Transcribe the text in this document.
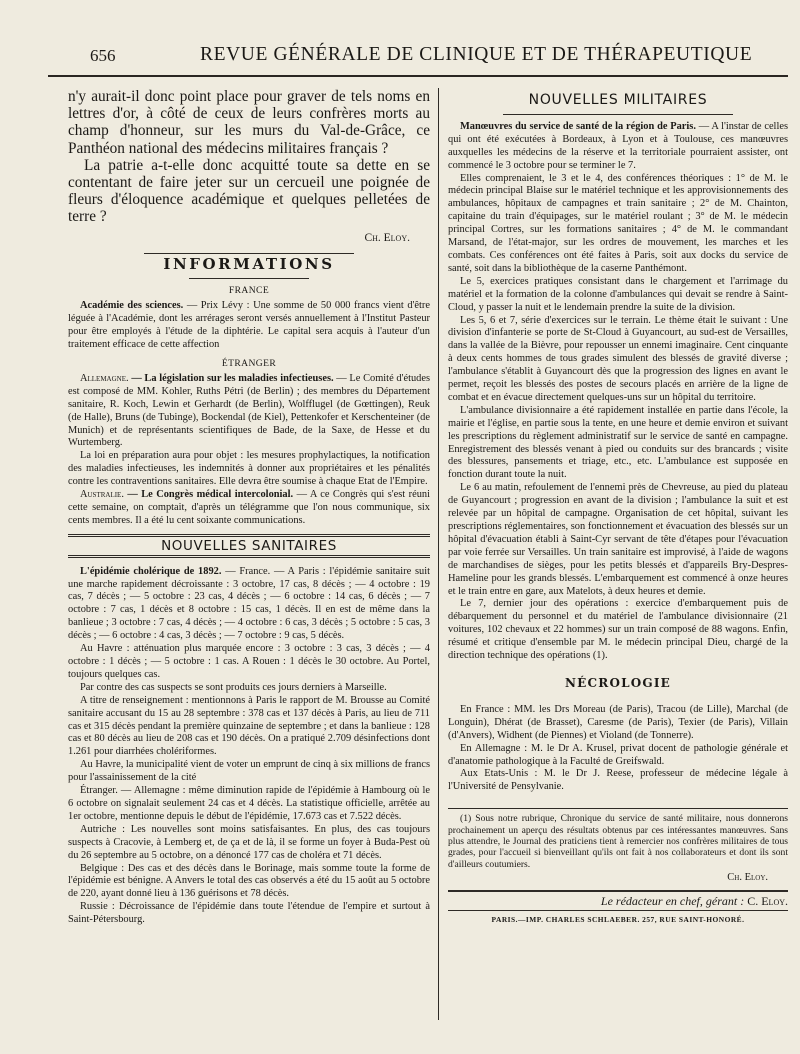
656	REVUE GÉNÉRALE DE CLINIQUE ET DE THÉRAPEUTIQUE

n'y aurait-il donc point place pour graver de tels noms en lettres d'or, à côté de ceux de leurs confrères morts au champ d'honneur, sur les murs du Val-de-Grâce, ce Panthéon national des médecins militaires français ?

La patrie a-t-elle donc acquitté toute sa dette en se contentant de faire jeter sur un cercueil une poignée de fleurs d'éloquence académique et quelques pelletées de terre ?

Ch. Eloy.
INFORMATIONS
FRANCE

Académie des sciences. — Prix Lévy : Une somme de 50 000 francs vient d'être léguée à l'Académie, dont les arrérages seront versés annuellement à l'Institut Pasteur pour être employés à l'étude de la diphtérie. Le capital sera acquis à l'auteur d'un traitement efficace de cette affection

ÉTRANGER

Allemagne. — La législation sur les maladies infectieuses. — Le Comité d'études est composé de MM. Kohler, Ruths Pétri (de Berlin) ; des membres du Département sanitaire, R. Koch, Lewin et Gerhardt (de Berlin), Wolfflugel (de Gœttingen), Reuk (de Halle), Bruns (de Tubinge), Bockendal (de Kiel), Pettenkofer et Kerschenteiner (de Munich) et de représentants scientifiques de Bade, de la Saxe, de Hesse et du Wurtemberg.

La loi en préparation aura pour objet : les mesures prophylactiques, la notification des maladies infectieuses, les indemnités à donner aux propriétaires et les pénalités contre les contraventions sanitaires. Elle devra être soumise à chaque Etat de l'Empire.

Australie. — Le Congrès médical intercolonial. — A ce Congrès qui s'est réuni cette semaine, on comptait, d'après un télégramme que l'on nous communique, six cents membres. Il a été lu cent soixante communications.

NOUVELLES SANITAIRES

L'épidémie cholérique de 1892. — France. — A Paris : l'épidémie sanitaire suit une marche rapidement décroissante : 3 octobre, 17 cas, 8 décès ; — 4 octobre : 19 cas, 7 décès ; — 5 octobre : 23 cas, 4 décès ; — 6 octobre : 14 cas, 6 décès ; — 7 octobre : 7 cas, 1 décès et 8 octobre : 15 cas, 1 décès. Il en est de même dans la banlieue ; 3 octobre : 7 cas, 4 décès ; — 4 octobre : 6 cas, 3 décès ; 5 octobre : 5 cas, 3 décès ; — 6 octobre : 4 cas, 3 décès ; — 7 octobre : 9 cas, 5 décès.

Au Havre : atténuation plus marquée encore : 3 octobre : 3 cas, 3 décès ; — 4 octobre : 1 décès ; — 5 octobre : 1 cas. A Rouen : 1 décès le 30 octobre. Au Portel, toujours quelques cas.

Par contre des cas suspects se sont produits ces jours derniers à Marseille.

A titre de renseignement : mentionnons à Paris le rapport de M. Brousse au Comité sanitaire accusant du 15 au 28 septembre : 378 cas et 137 décès à Paris, au lieu de 711 cas et 315 décès pendant la première quinzaine de septembre ; et dans la banlieue : 128 cas et 80 décès au lieu de 208 cas et 190 décès. On a pratiqué 2.709 désinfections dont 1.261 pour diarrhées cholériformes.

Au Havre, la municipalité vient de voter un emprunt de cinq à six millions de francs pour l'assainissement de la cité

Étranger. — Allemagne : même diminution rapide de l'épidémie à Hambourg où le 6 octobre on signalait seulement 24 cas et 4 décès. La statistique officielle, arrêtée au 1er octobre, mentionne depuis le début de l'épidémie, 17.673 cas et 7.522 décès.

Autriche : Les nouvelles sont moins satisfaisantes. En plus, des cas toujours suspects à Cracovie, à Lemberg et, de ça et de là, il se forme un foyer à Buda-Pest où du 26 septembre au 5 octobre, on a dénoncé 177 cas de choléra et 71 décès.

Belgique : Des cas et des décès dans le Borinage, mais somme toute la forme de l'épidémie est bénigne. A Anvers le total des cas observés a été du 15 août au 5 octobre de 220, ayant donné lieu à 136 guérisons et 78 décès.

Russie : Décroissance de l'épidémie dans toute l'étendue de l'empire et surtout à Saint-Pétersbourg.

NOUVELLES MILITAIRES

Manœuvres du service de santé de la région de Paris. — A l'instar de celles qui ont été exécutées à Bordeaux, à Lyon et à Toulouse, ces manœuvres auxquelles les médecins de la réserve et la territoriale pourraient assister, ont commencé le 3 octobre pour se terminer le 7.

Elles comprenaient, le 3 et le 4, des conférences théoriques : 1° de M. le médecin principal Blaise sur le matériel technique et les approvisionnements des ambulances, hôpitaux de campagnes et train sanitaire ; 2° de M. Chainton, capitaine du train d'équipages, sur le matériel roulant ; 3° de M. le médecin principal Cortres, sur les formations sanitaires ; 4° de M. le commandant Marsand, de l'état-major, sur les ordres de mouvement, les marches et les combats. Ces conférences ont été faites à Paris, soit aux docks du service de santé, soit dans la bibliothèque de la caserne Panthémont.

Le 5, exercices pratiques consistant dans le chargement et l'arrimage du matériel et la formation de la colonne d'ambulances qui devait se rendre à Saint-Cloud, y passer la nuit et le lendemain prendre la suite de la division.

Les 5, 6 et 7, série d'exercices sur le terrain. Le thème était le suivant : Une division d'infanterie se porte de St-Cloud à Guyancourt, au sud-est de Versailles, dans la vallée de la Bièvre, pour repousser un ennemi imaginaire. Cent cinquante à deux cents hommes de tous grades simulent des blessés de gravité diverse ; l'ambulance s'établit à Guyancourt dès que la progression des lignes en avant le permet, reçoit les blessés des postes de secours placés en arrière de la ligne de combat et en évacue directement quelques-uns sur un hôpital du territoire.

L'ambulance divisionnaire a été rapidement installée en partie dans l'école, la mairie et l'église, en partie sous la tente, en une heure et demie environ et suivant les prescriptions du règlement administratif sur le service de santé en campagne. Enregistrement des blessés venant à pied ou conduits sur des brancards ; visite des blessures, pansements et triage, etc., etc. L'ambulance est supposée en fonction durant toute la nuit.

Le 6 au matin, refoulement de l'ennemi près de Chevreuse, au pied du plateau de Guyancourt ; progression en avant de la division ; l'ambulance la suit et est relevée par un hôpital de campagne. Organisation de cet hôpital, suivant les prescriptions réglementaires, son fonctionnement et évacuation des blessés sur un hôpital d'évacuation établi à Saint-Cyr servant de tête d'étapes pour l'évacuation par voie ferrée sur Versailles. Un train sanitaire est improvisé, à l'aide de wagons de marchandises de sièges, pour les petits blessés et d'appareils Bry-Despres-Hameline pour les grands blessés. L'embarquement est commencé à onze heures et le train entre en gare, aux Matelots, à deux heures et demie.

Le 7, dernier jour des opérations : exercice d'embarquement puis de débarquement du personnel et du matériel de l'ambulance divisionnaire (21 voitures, 102 chevaux et 22 hommes) sur un train composé de 88 wagons. Enfin, résumé et critique d'ensemble par M. le médecin principal Dieu, chargé de la direction technique des opérations (1).

NÉCROLOGIE

En France : MM. les Drs Moreau (de Paris), Tracou (de Lille), Marchal (de Longuin), Dhérat (de Brasset), Caresme (de Paris), Texier (de Paris), Villain (d'Anvers), Widhent (de Piennes) et Violand (de Tonnerre).

En Allemagne : M. le Dr A. Krusel, privat docent de pathologie générale et d'anatomie pathologique à la Faculté de Greifswald.

Aux Etats-Unis : M. le Dr J. Reese, professeur de médecine légale à l'Université de Pensylvanie.

(1) Sous notre rubrique, Chronique du service de santé militaire, nous donnerons prochainement un aperçu des résultats obtenus par ces intéressantes manœuvres. Sans plus attendre, le Journal des praticiens tient à remercier nos confrères militaires de tous grades, pour l'accueil si bienveillant qu'ils ont fait à nos collaborateurs et dont ils sont d'ailleurs coutumiers.

Ch. Eloy.
Le rédacteur en chef, gérant : C. Eloy.
PARIS.—IMP. CHARLES SCHLAEBER. 257, RUE SAINT-HONORÉ.
